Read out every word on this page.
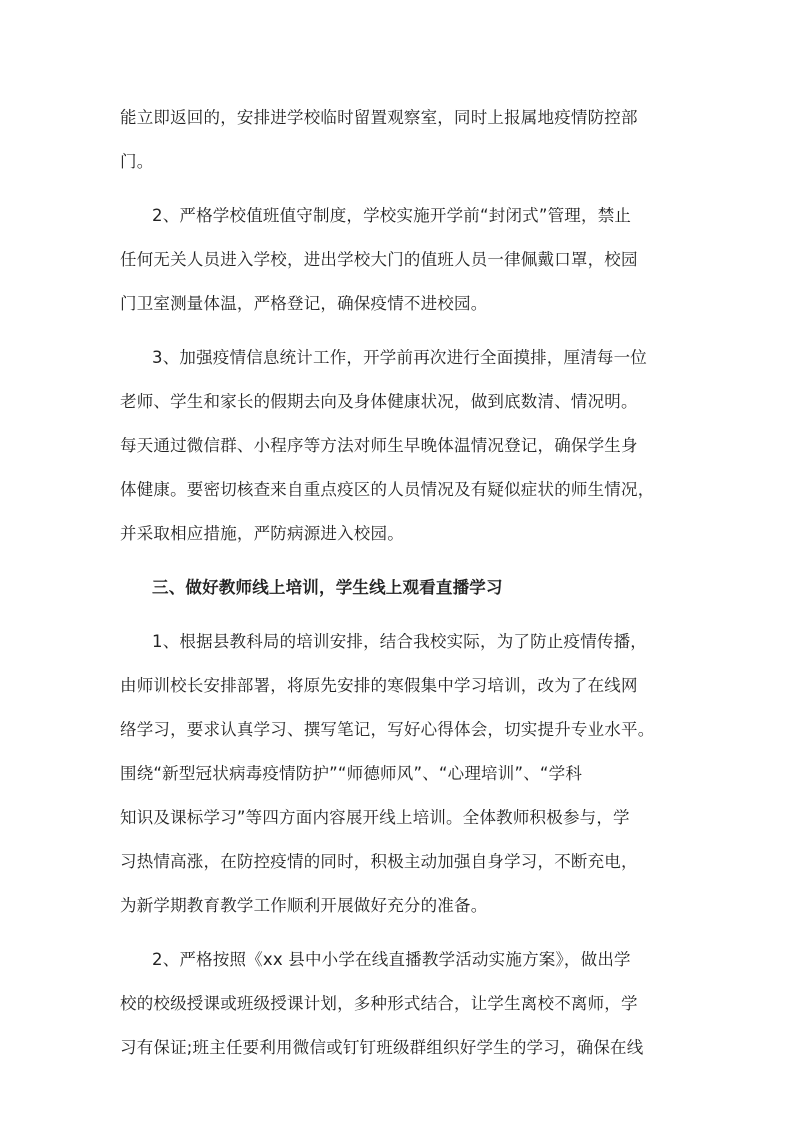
能立即返回的，安排进学校临时留置观察室，同时上报属地疫情防控部
门。
2、严格学校值班值守制度，学校实施开学前“封闭式”管理，禁止
任何无关人员进入学校，进出学校大门的值班人员一律佩戴口罩，校园
门卫室测量体温，严格登记，确保疫情不进校园。
3、加强疫情信息统计工作，开学前再次进行全面摸排，厘清每一位
老师、学生和家长的假期去向及身体健康状况，做到底数清、情况明。
每天通过微信群、小程序等方法对师生早晚体温情况登记，确保学生身
体健康。要密切核查来自重点疫区的人员情况及有疑似症状的师生情况，
并采取相应措施，严防病源进入校园。
三、做好教师线上培训，学生线上观看直播学习
1、根据县教科局的培训安排，结合我校实际，为了防止疫情传播，
由师训校长安排部署，将原先安排的寒假集中学习培训，改为了在线网
络学习，要求认真学习、撰写笔记，写好心得体会，切实提升专业水平。
围绕“新型冠状病毒疫情防护”“师德师风”、“心理培训”、“学科
知识及课标学习”等四方面内容展开线上培训。全体教师积极参与，学
习热情高涨，在防控疫情的同时，积极主动加强自身学习，不断充电，
为新学期教育教学工作顺利开展做好充分的准备。
2、严格按照《xx 县中小学在线直播教学活动实施方案》，做出学
校的校级授课或班级授课计划，多种形式结合，让学生离校不离师，学
习有保证;班主任要利用微信或钉钉班级群组织好学生的学习，确保在线
